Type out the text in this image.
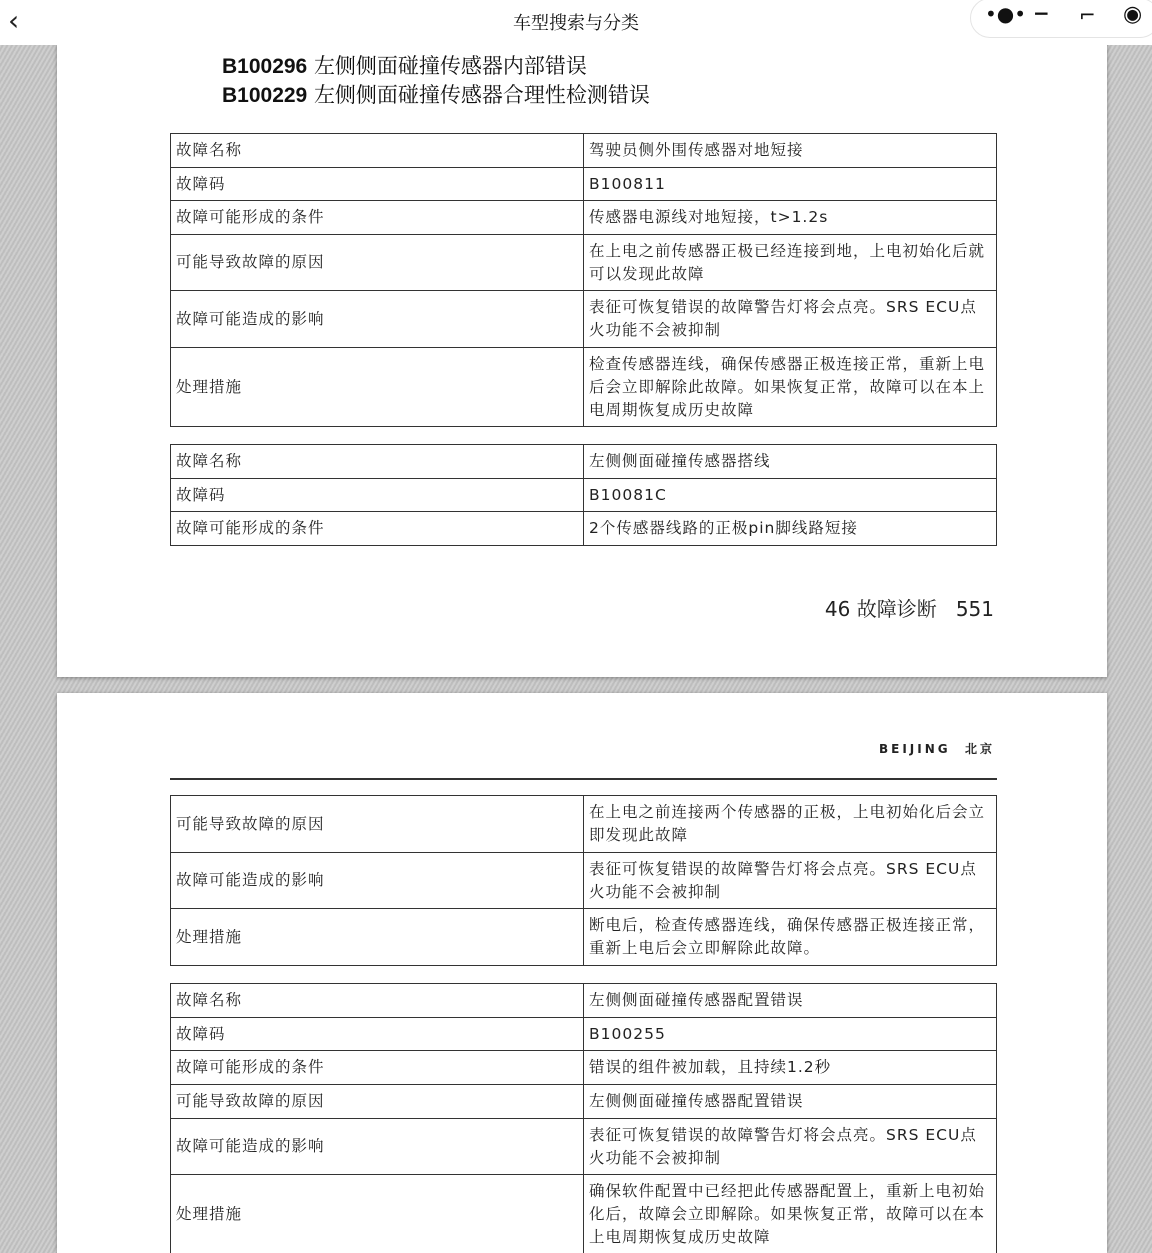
‹	车型搜索与分类	•●• − ⌐ ◉
B100296 左侧侧面碰撞传感器内部错误
B100229 左侧侧面碰撞传感器合理性检测错误
故障名称	驾驶员侧外围传感器对地短接
故障码	B100811
故障可能形成的条件	传感器电源线对地短接，t>1.2s
可能导致故障的原因	在上电之前传感器正极已经连接到地，上电初始化后就可以发现此故障
故障可能造成的影响	表征可恢复错误的故障警告灯将会点亮。SRS ECU点火功能不会被抑制
处理措施	检查传感器连线，确保传感器正极连接正常，重新上电后会立即解除此故障。如果恢复正常，故障可以在本上电周期恢复成历史故障
故障名称	左侧侧面碰撞传感器搭线
故障码	B10081C
故障可能形成的条件	2个传感器线路的正极pin脚线路短接
46 故障诊断 551
BEIJING  北京
可能导致故障的原因	在上电之前连接两个传感器的正极，上电初始化后会立即发现此故障
故障可能造成的影响	表征可恢复错误的故障警告灯将会点亮。SRS ECU点火功能不会被抑制
处理措施	断电后，检查传感器连线，确保传感器正极连接正常，重新上电后会立即解除此故障。
故障名称	左侧侧面碰撞传感器配置错误
故障码	B100255
故障可能形成的条件	错误的组件被加载，且持续1.2秒
可能导致故障的原因	左侧侧面碰撞传感器配置错误
故障可能造成的影响	表征可恢复错误的故障警告灯将会点亮。SRS ECU点火功能不会被抑制
处理措施	确保软件配置中已经把此传感器配置上，重新上电初始化后，故障会立即解除。如果恢复正常，故障可以在本上电周期恢复成历史故障
